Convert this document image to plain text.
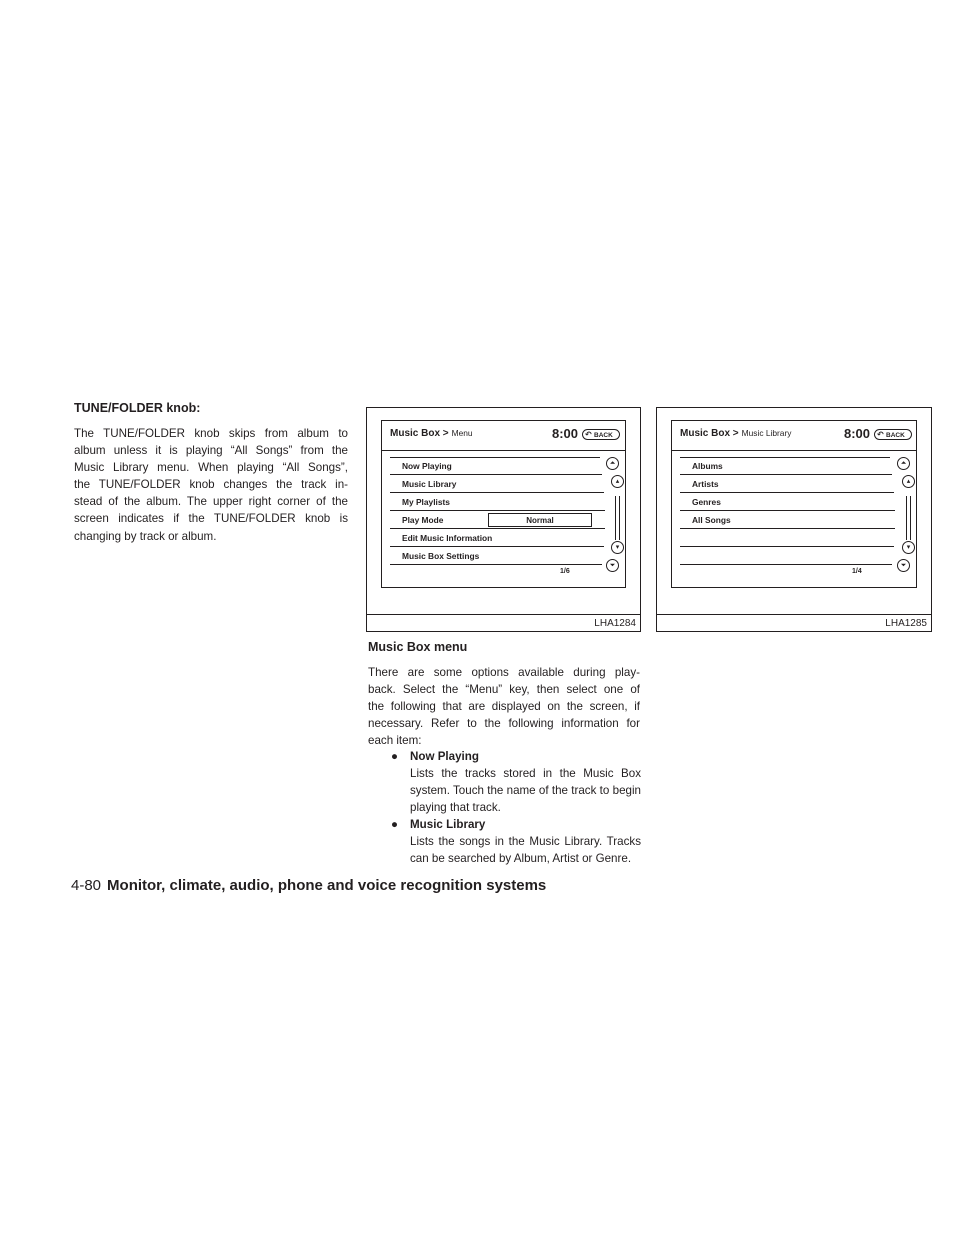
TUNE/FOLDER knob:
The TUNE/FOLDER knob skips from album to
album unless it is playing “All Songs” from the
Music Library menu. When playing “All Songs”,
the TUNE/FOLDER knob changes the track in-
stead of the album. The upper right corner of the
screen indicates if the TUNE/FOLDER knob is
changing by track or album.
Music Box > Menu	8:00 ↶ BACK
Now Playing
Music Library
My Playlists
Play Mode	Normal
Edit Music Information
Music Box Settings
1/6
⏶
▴
▾
⏷
LHA1284
Music Box > Music Library	8:00 ↶ BACK
Albums
Artists
Genres
All Songs
1/4
⏶
▴
▾
⏷
LHA1285
Music Box menu
There are some options available during play-
back. Select the “Menu” key, then select one of
the following that are displayed on the screen, if
necessary. Refer to the following information for
each item:
● Now Playing
Lists the tracks stored in the Music Box
system. Touch the name of the track to begin
playing that track.
● Music Library
Lists the songs in the Music Library. Tracks
can be searched by Album, Artist or Genre.
4-80 Monitor, climate, audio, phone and voice recognition systems
